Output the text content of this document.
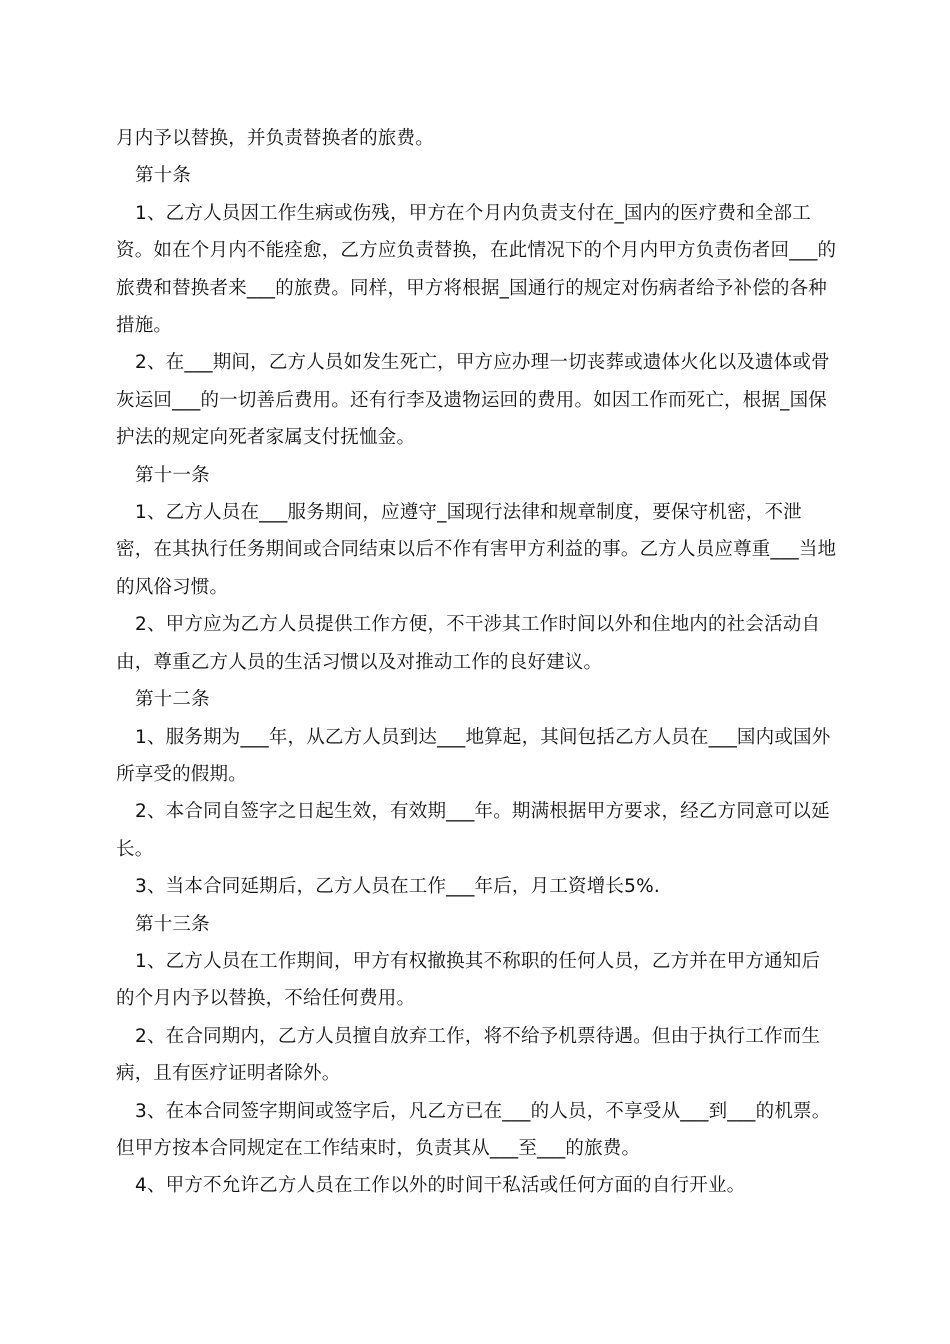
月内予以替换，并负责替换者的旅费。

第十条

1、乙方人员因工作生病或伤残，甲方在个月内负责支付在_国内的医疗费和全部工资。如在个月内不能痊愈，乙方应负责替换，在此情况下的个月内甲方负责伤者回___的旅费和替换者来___的旅费。同样，甲方将根据_国通行的规定对伤病者给予补偿的各种措施。

2、在___期间，乙方人员如发生死亡，甲方应办理一切丧葬或遗体火化以及遗体或骨灰运回___的一切善后费用。还有行李及遗物运回的费用。如因工作而死亡，根据_国保护法的规定向死者家属支付抚恤金。

第十一条

1、乙方人员在___服务期间，应遵守_国现行法律和规章制度，要保守机密，不泄密，在其执行任务期间或合同结束以后不作有害甲方利益的事。乙方人员应尊重___当地的风俗习惯。

2、甲方应为乙方人员提供工作方便，不干涉其工作时间以外和住地内的社会活动自由，尊重乙方人员的生活习惯以及对推动工作的良好建议。

第十二条

1、服务期为___年，从乙方人员到达___地算起，其间包括乙方人员在___国内或国外所享受的假期。

2、本合同自签字之日起生效，有效期___年。期满根据甲方要求，经乙方同意可以延长。

3、当本合同延期后，乙方人员在工作___年后，月工资增长5%.

第十三条

1、乙方人员在工作期间，甲方有权撤换其不称职的任何人员，乙方并在甲方通知后的个月内予以替换，不给任何费用。

2、在合同期内，乙方人员擅自放弃工作，将不给予机票待遇。但由于执行工作而生病，且有医疗证明者除外。

3、在本合同签字期间或签字后，凡乙方已在___的人员，不享受从___到___的机票。但甲方按本合同规定在工作结束时，负责其从___至___的旅费。

4、甲方不允许乙方人员在工作以外的时间干私活或任何方面的自行开业。
